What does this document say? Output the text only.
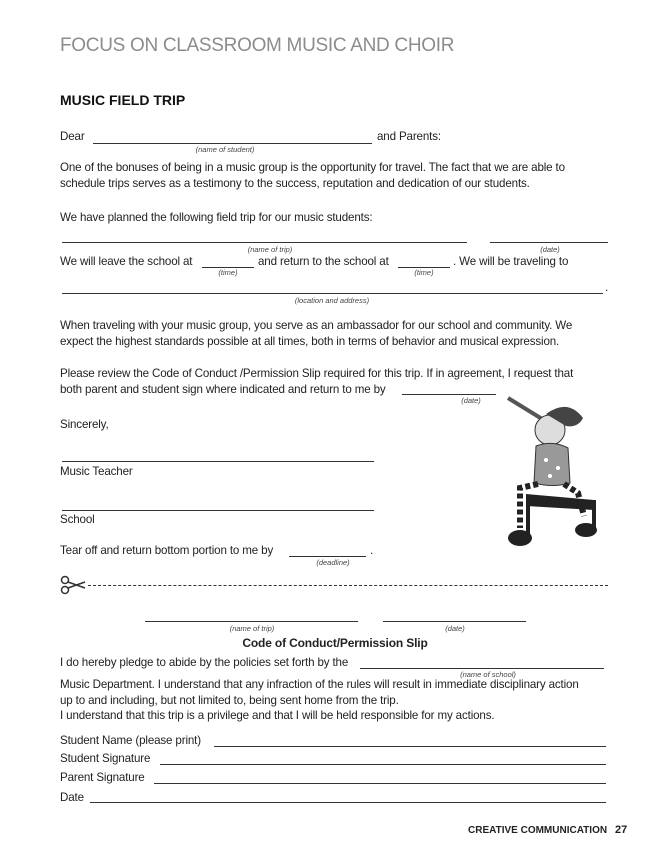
FOCUS ON CLASSROOM MUSIC AND CHOIR
MUSIC FIELD TRIP
Dear
(name of student)
and Parents:
One of the bonuses of being in a music group is the opportunity for travel. The fact that we are able to
schedule trips serves as a testimony to the success, reputation and dedication of our students.
We have planned the following field trip for our music students:
(name of trip)	(date)
We will leave the school at
(time)
and return to the school at
(time)
. We will be traveling to
.
(location and address)
When traveling with your music group, you serve as an ambassador for our school and community. We
expect the highest standards possible at all times, both in terms of behavior and musical expression.
Please review the Code of Conduct /Permission Slip required for this trip. If in agreement, I request that
both parent and student sign where indicated and return to me by
(date)
Sincerely,
Music Teacher
School
Tear off and return bottom portion to me by	.
(deadline)
(name of trip)	(date)
Code of Conduct/Permission Slip
I do hereby pledge to abide by the policies set forth by the
(name of school)
Music Department. I understand that any infraction of the rules will result in immediate disciplinary action
up to and including, but not limited to, being sent home from the trip.
I understand that this trip is a privilege and that I will be held responsible for my actions.
Student Name (please print)
Student Signature
Parent Signature
Date
CREATIVE COMMUNICATION 27
